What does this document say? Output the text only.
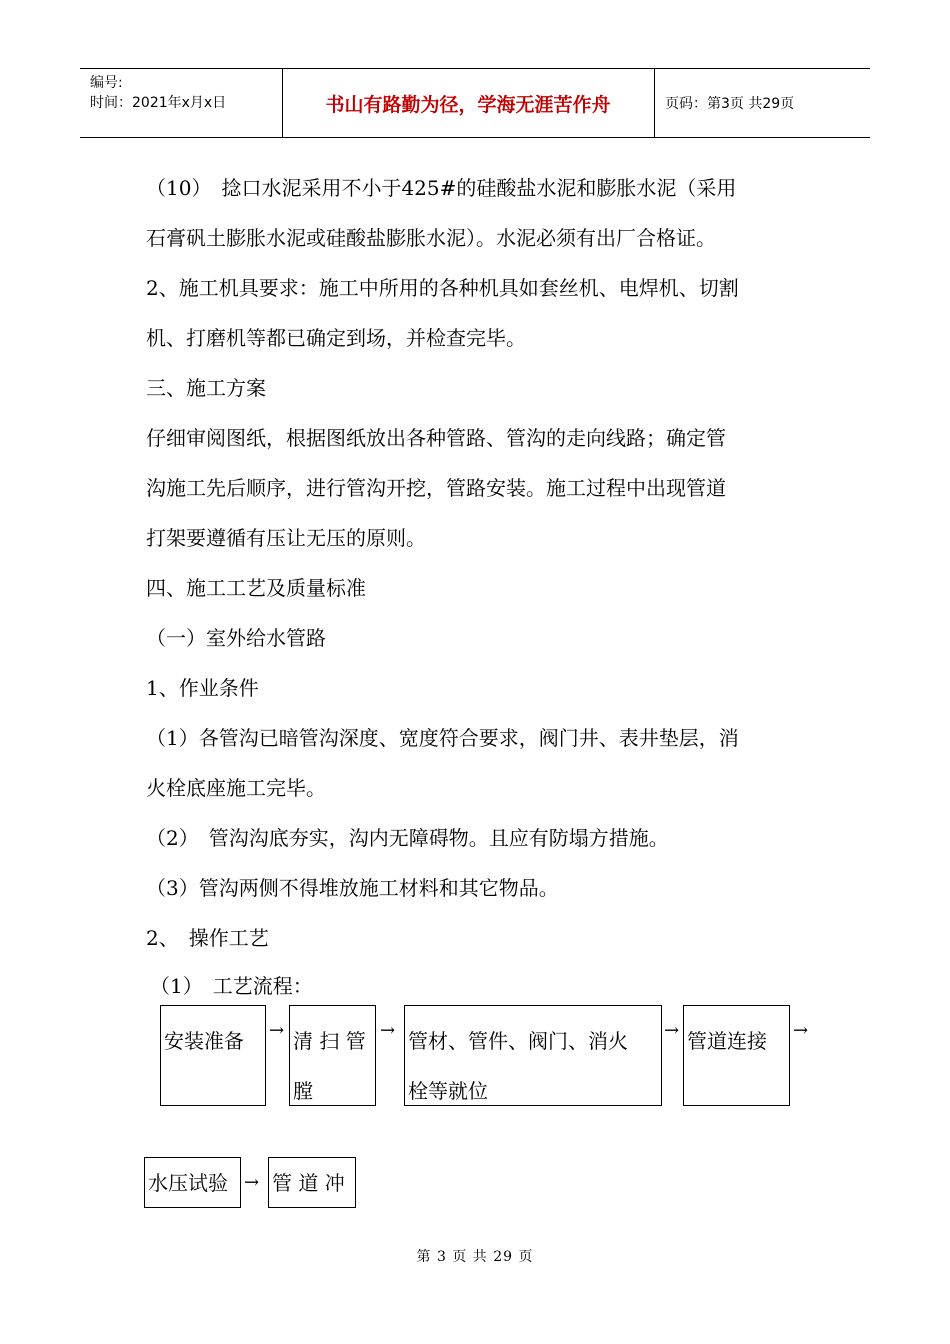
编号:
时间：2021年x月x日	书山有路勤为径，学海无涯苦作舟	页码：第3页 共29页
（10）　捻口水泥采用不小于425#的硅酸盐水泥和膨胀水泥（采用
石膏矾土膨胀水泥或硅酸盐膨胀水泥）。水泥必须有出厂合格证。
2、施工机具要求：施工中所用的各种机具如套丝机、电焊机、切割
机、打磨机等都已确定到场，并检查完毕。
三、施工方案
仔细审阅图纸，根据图纸放出各种管路、管沟的走向线路；确定管
沟施工先后顺序，进行管沟开挖，管路安装。施工过程中出现管道
打架要遵循有压让无压的原则。
四、施工工艺及质量标准
（一）室外给水管路
1、作业条件
（1）各管沟已暗管沟深度、宽度符合要求，阀门井、表井垫层，消
火栓底座施工完毕。
（2）　管沟沟底夯实，沟内无障碍物。且应有防塌方措施。
（3）管沟两侧不得堆放施工材料和其它物品。
2、　操作工艺
（1）　工艺流程：
安装准备 → 清 扫 管
膛
→ 管材、管件、阀门、消火
栓等就位
→ 管道连接 →
水压试验 → 管 道 冲
第 3 页 共 29 页
